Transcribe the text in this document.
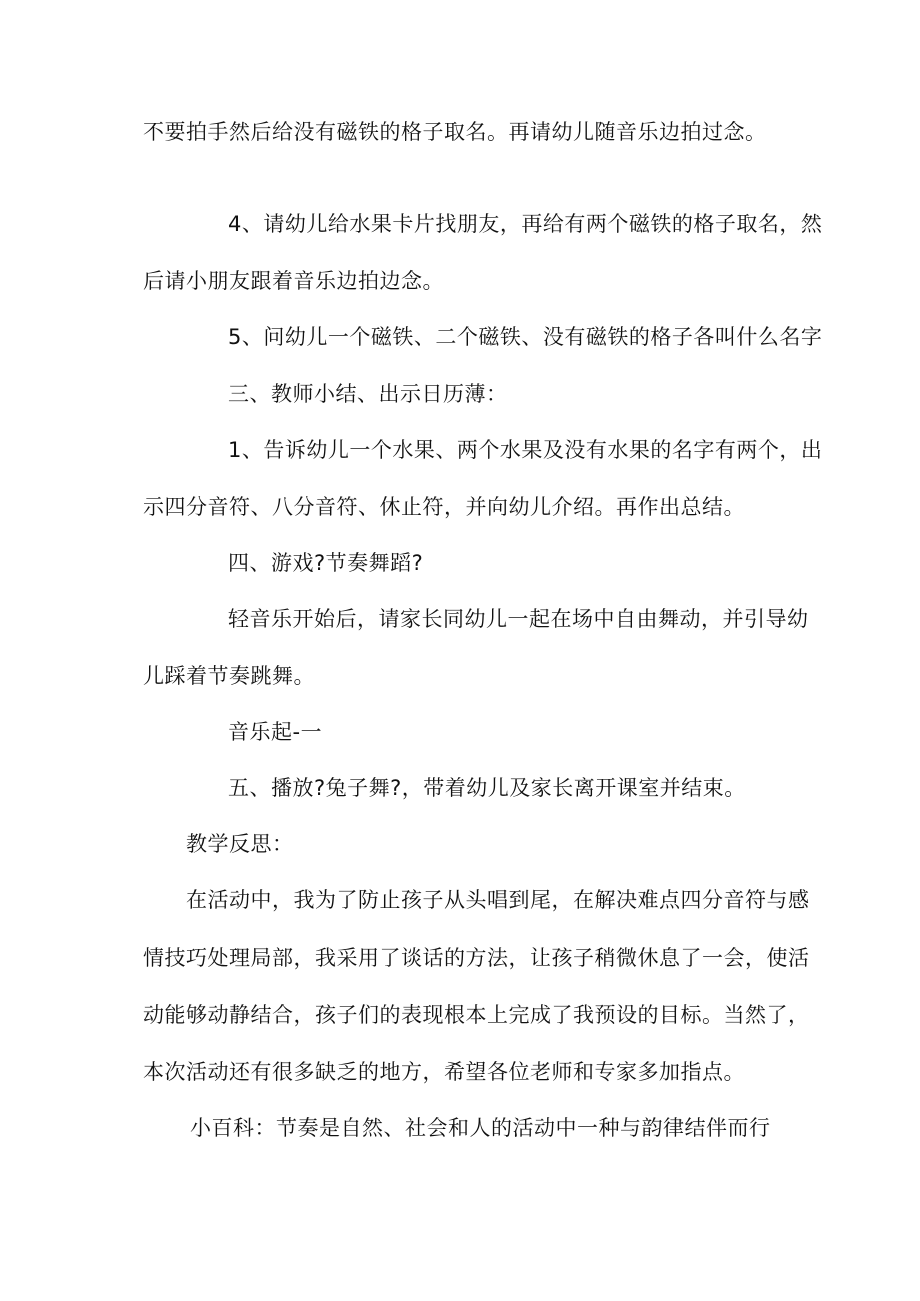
不要拍手然后给没有磁铁的格子取名。再请幼儿随音乐边拍过念。
4、请幼儿给水果卡片找朋友，再给有两个磁铁的格子取名，然
后请小朋友跟着音乐边拍边念。
5、问幼儿一个磁铁、二个磁铁、没有磁铁的格子各叫什么名字
三、教师小结、出示日历薄：
1、告诉幼儿一个水果、两个水果及没有水果的名字有两个，出
示四分音符、八分音符、休止符，并向幼儿介绍。再作出总结。
四、游戏?节奏舞蹈?
轻音乐开始后，请家长同幼儿一起在场中自由舞动，并引导幼
儿踩着节奏跳舞。
音乐起-一
五、播放?兔子舞?，带着幼儿及家长离开课室并结束。
教学反思：
在活动中，我为了防止孩子从头唱到尾，在解决难点四分音符与感
情技巧处理局部，我采用了谈话的方法，让孩子稍微休息了一会，使活
动能够动静结合，孩子们的表现根本上完成了我预设的目标。当然了，
本次活动还有很多缺乏的地方，希望各位老师和专家多加指点。
小百科：节奏是自然、社会和人的活动中一种与韵律结伴而行
